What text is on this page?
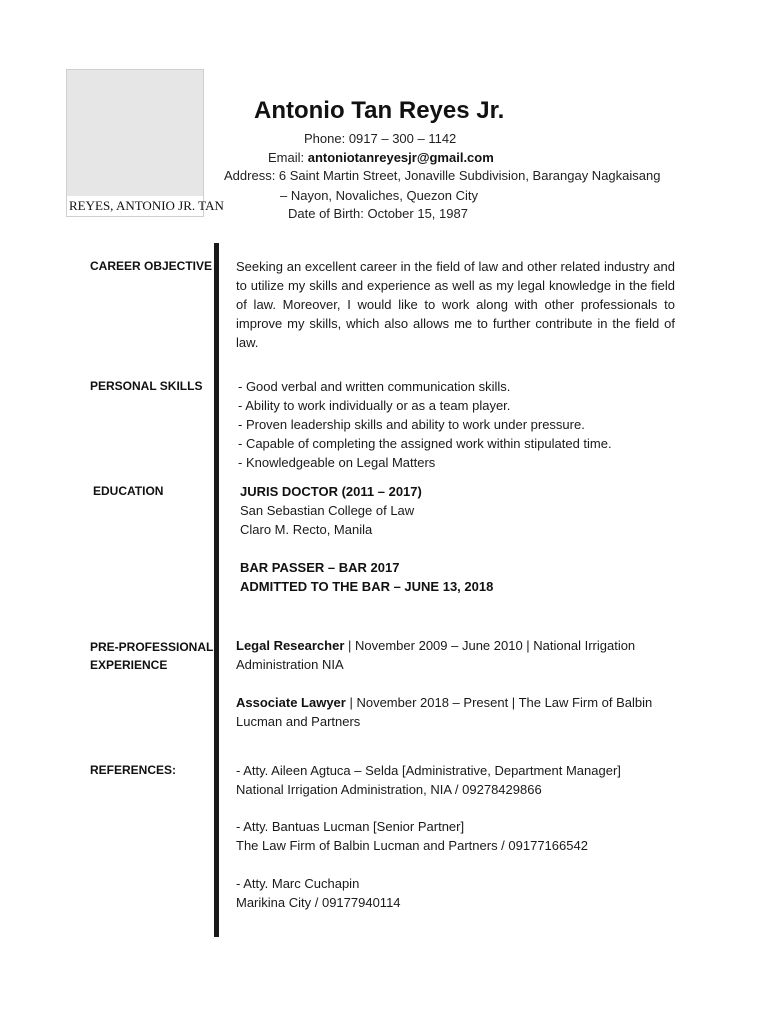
REYES, ANTONIO JR. TAN
Antonio Tan Reyes Jr.
Phone: 0917 – 300 – 1142
Email: antoniotanreyesjr@gmail.com
Address: 6 Saint Martin Street, Jonaville Subdivision, Barangay Nagkaisang
– Nayon, Novaliches, Quezon City
Date of Birth: October 15, 1987
CAREER OBJECTIVE Seeking an excellent career in the field of law and other related industry and to utilize my skills and experience as well as my legal knowledge in the field of law. Moreover, I would like to work along with other professionals to improve my skills, which also allows me to further contribute in the field of law.
PERSONAL SKILLS	- Good verbal and written communication skills.
- Ability to work individually or as a team player.
- Proven leadership skills and ability to work under pressure.
- Capable of completing the assigned work within stipulated time.
- Knowledgeable on Legal Matters
EDUCATION	JURIS DOCTOR (2011 – 2017)
San Sebastian College of Law
Claro M. Recto, Manila
BAR PASSER – BAR 2017
ADMITTED TO THE BAR – JUNE 13, 2018
PRE-PROFESSIONAL
EXPERIENCE
Legal Researcher | November 2009 – June 2010 | National Irrigation
Administration NIA
Associate Lawyer | November 2018 – Present | The Law Firm of Balbin
Lucman and Partners
REFERENCES:	- Atty. Aileen Agtuca – Selda [Administrative, Department Manager]
National Irrigation Administration, NIA / 09278429866
- Atty. Bantuas Lucman [Senior Partner]
The Law Firm of Balbin Lucman and Partners / 09177166542
- Atty. Marc Cuchapin
Marikina City / 09177940114
